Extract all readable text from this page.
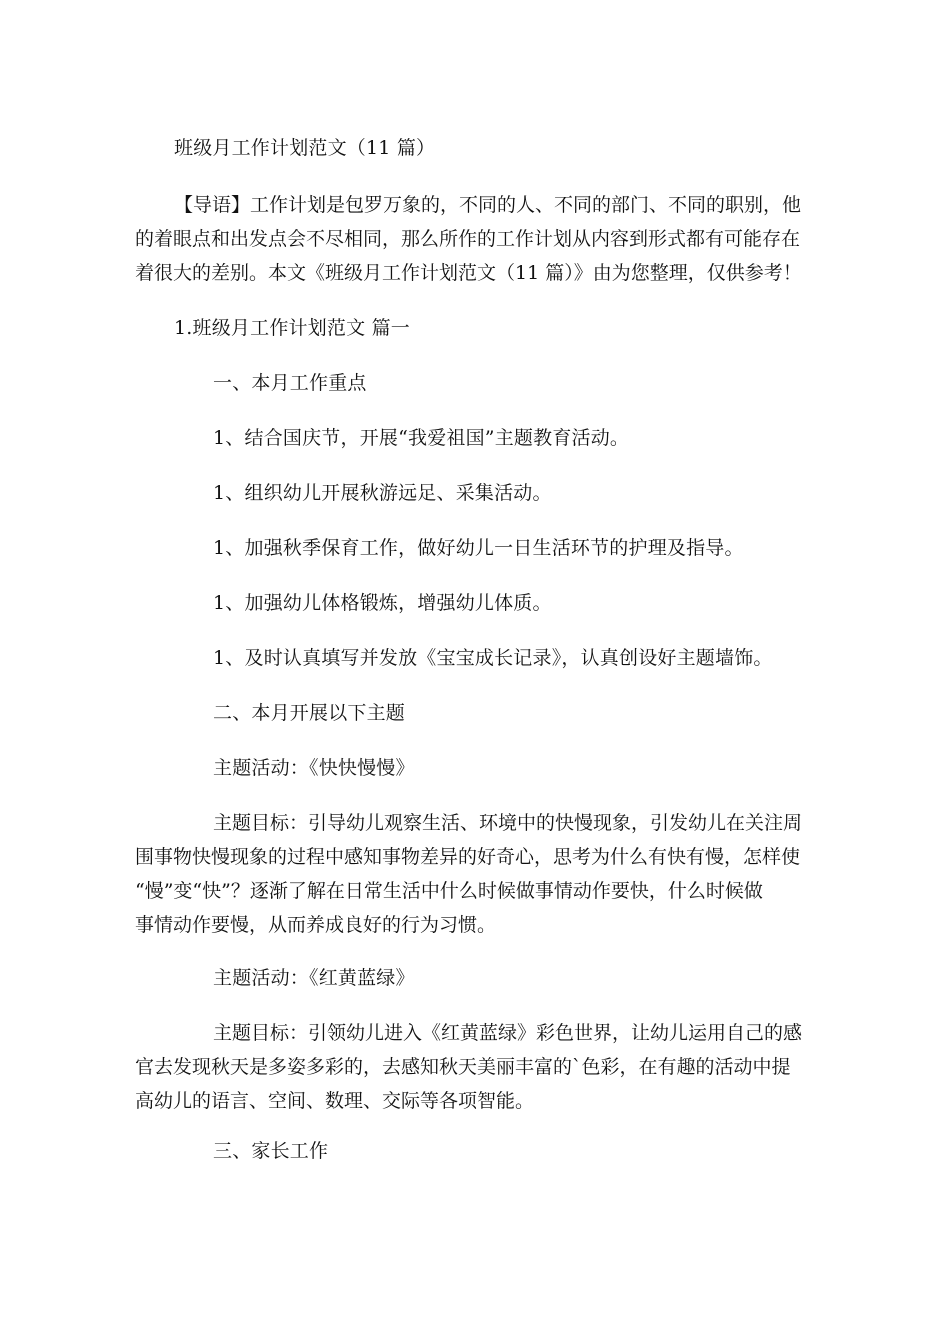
班级月工作计划范文（11 篇）
【导语】工作计划是包罗万象的，不同的人、不同的部门、不同的职别，他
的着眼点和出发点会不尽相同，那么所作的工作计划从内容到形式都有可能存在
着很大的差别。本文《班级月工作计划范文（11 篇）》由为您整理，仅供参考！
1.班级月工作计划范文 篇一
一、本月工作重点
1、结合国庆节，开展“我爱祖国”主题教育活动。
1、组织幼儿开展秋游远足、采集活动。
1、加强秋季保育工作，做好幼儿一日生活环节的护理及指导。
1、加强幼儿体格锻炼，增强幼儿体质。
1、及时认真填写并发放《宝宝成长记录》，认真创设好主题墙饰。
二、本月开展以下主题
主题活动：《快快慢慢》
主题目标：引导幼儿观察生活、环境中的快慢现象，引发幼儿在关注周
围事物快慢现象的过程中感知事物差异的好奇心，思考为什么有快有慢，怎样使
“慢”变“快”？逐渐了解在日常生活中什么时候做事情动作要快，什么时候做
事情动作要慢，从而养成良好的行为习惯。
主题活动：《红黄蓝绿》
主题目标：引领幼儿进入《红黄蓝绿》彩色世界，让幼儿运用自己的感
官去发现秋天是多姿多彩的，去感知秋天美丽丰富的`色彩，在有趣的活动中提
高幼儿的语言、空间、数理、交际等各项智能。
三、家长工作
